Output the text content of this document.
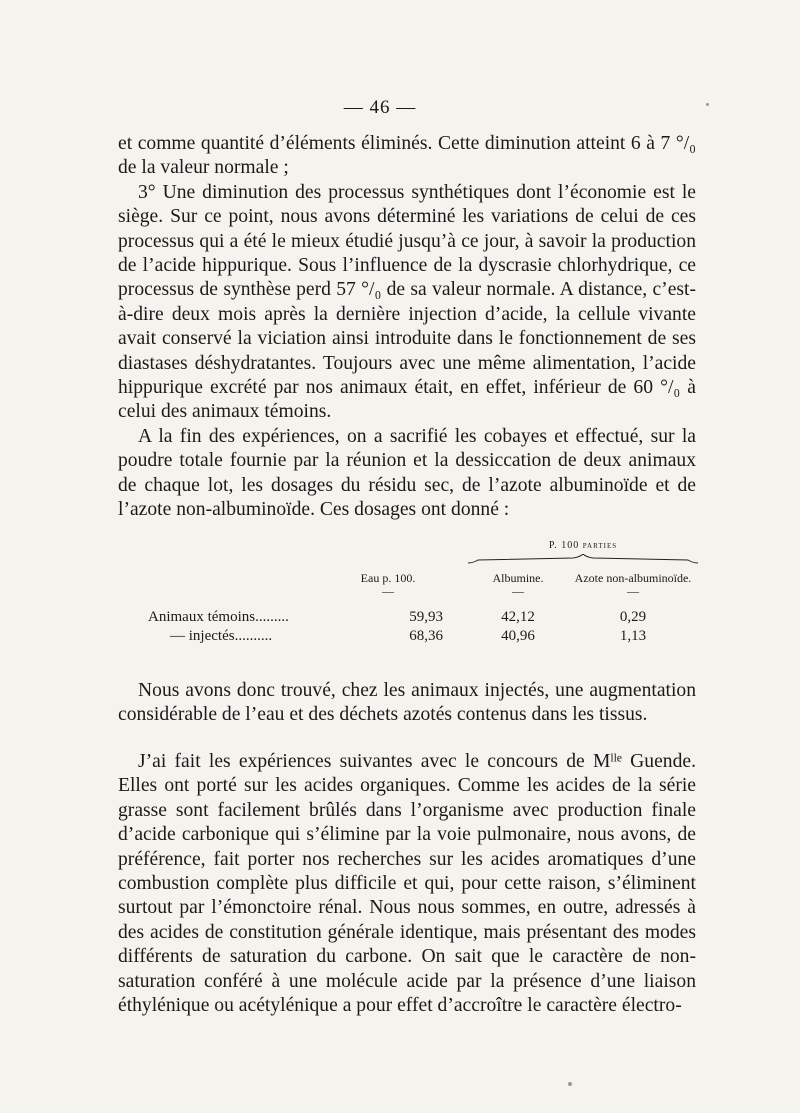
— 46 —

et comme quantité d’éléments éliminés. Cette diminution atteint 6 à 7 °/₀ de la valeur normale ;

3° Une diminution des processus synthétiques dont l’économie est le siège. Sur ce point, nous avons déterminé les variations de celui de ces processus qui a été le mieux étudié jusqu’à ce jour, à savoir la production de l’acide hippurique. Sous l’influence de la dyscrasie chlorhydrique, ce processus de synthèse perd 57 °/₀ de sa valeur normale. A distance, c’est-à-dire deux mois après la dernière injection d’acide, la cellule vivante avait conservé la viciation ainsi introduite dans le fonctionnement de ses diastases déshydratantes. Toujours avec une même alimentation, l’acide hippurique excrété par nos animaux était, en effet, inférieur de 60 °/₀ à celui des animaux témoins.

A la fin des expériences, on a sacrifié les cobayes et effectué, sur la poudre totale fournie par la réunion et la dessiccation de deux animaux de chaque lot, les dosages du résidu sec, de l’azote albuminoïde et de l’azote non-albuminoïde. Ces dosages ont donné :

P. 100 parties
Eau p. 100.	Albumine.	Azote non-albuminoïde.
—	—	—
Animaux témoins.........	59,93	42,12	0,29
— injectés..........	68,36	40,96	1,13

Nous avons donc trouvé, chez les animaux injectés, une augmentation considérable de l’eau et des déchets azotés contenus dans les tissus.

J’ai fait les expériences suivantes avec le concours de Mˡˡᵉ Guende. Elles ont porté sur les acides organiques. Comme les acides de la série grasse sont facilement brûlés dans l’organisme avec production finale d’acide carbonique qui s’élimine par la voie pulmonaire, nous avons, de préférence, fait porter nos recherches sur les acides aromatiques d’une combustion complète plus difficile et qui, pour cette raison, s’éliminent surtout par l’émonctoire rénal. Nous nous sommes, en outre, adressés à des acides de constitution générale identique, mais présentant des modes différents de saturation du carbone. On sait que le caractère de non-saturation conféré à une molécule acide par la présence d’une liaison éthylénique ou acétylénique a pour effet d’accroître le caractère électro-
